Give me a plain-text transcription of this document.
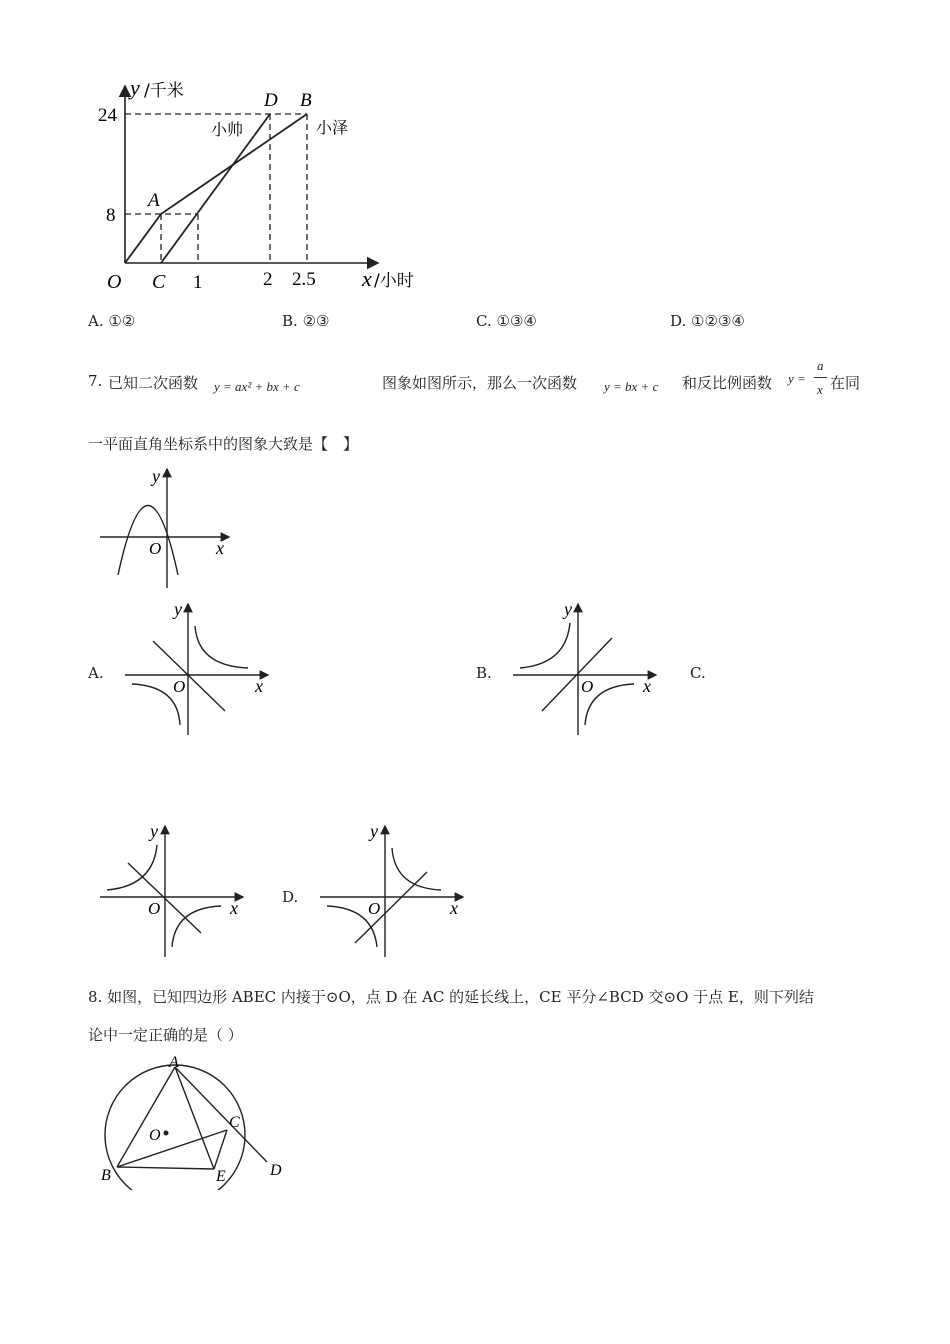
y /千米
24
8
O C 1	2 2.5 x /小时
A
D B
小帅	小泽
A. ①②	B. ②③	C. ①③④	D. ①②③④
7. 已知二次函数 y = ax² + bx + c	图象如图所示，那么一次函数 y = bx + c 和反比例函数 y =
a
x 在同
一平面直角坐标系中的图象大致是【　】
y
O	x
A.
y
O	x
B.
y
O	x
C.
y
O	x
D.
y
O	x
8. 如图，已知四边形 ABEC 内接于⊙O，点 D 在 AC 的延长线上，CE 平分∠BCD 交⊙O 于点 E，则下列结
论中一定正确的是（ ）
A
O
C
B	E	D
